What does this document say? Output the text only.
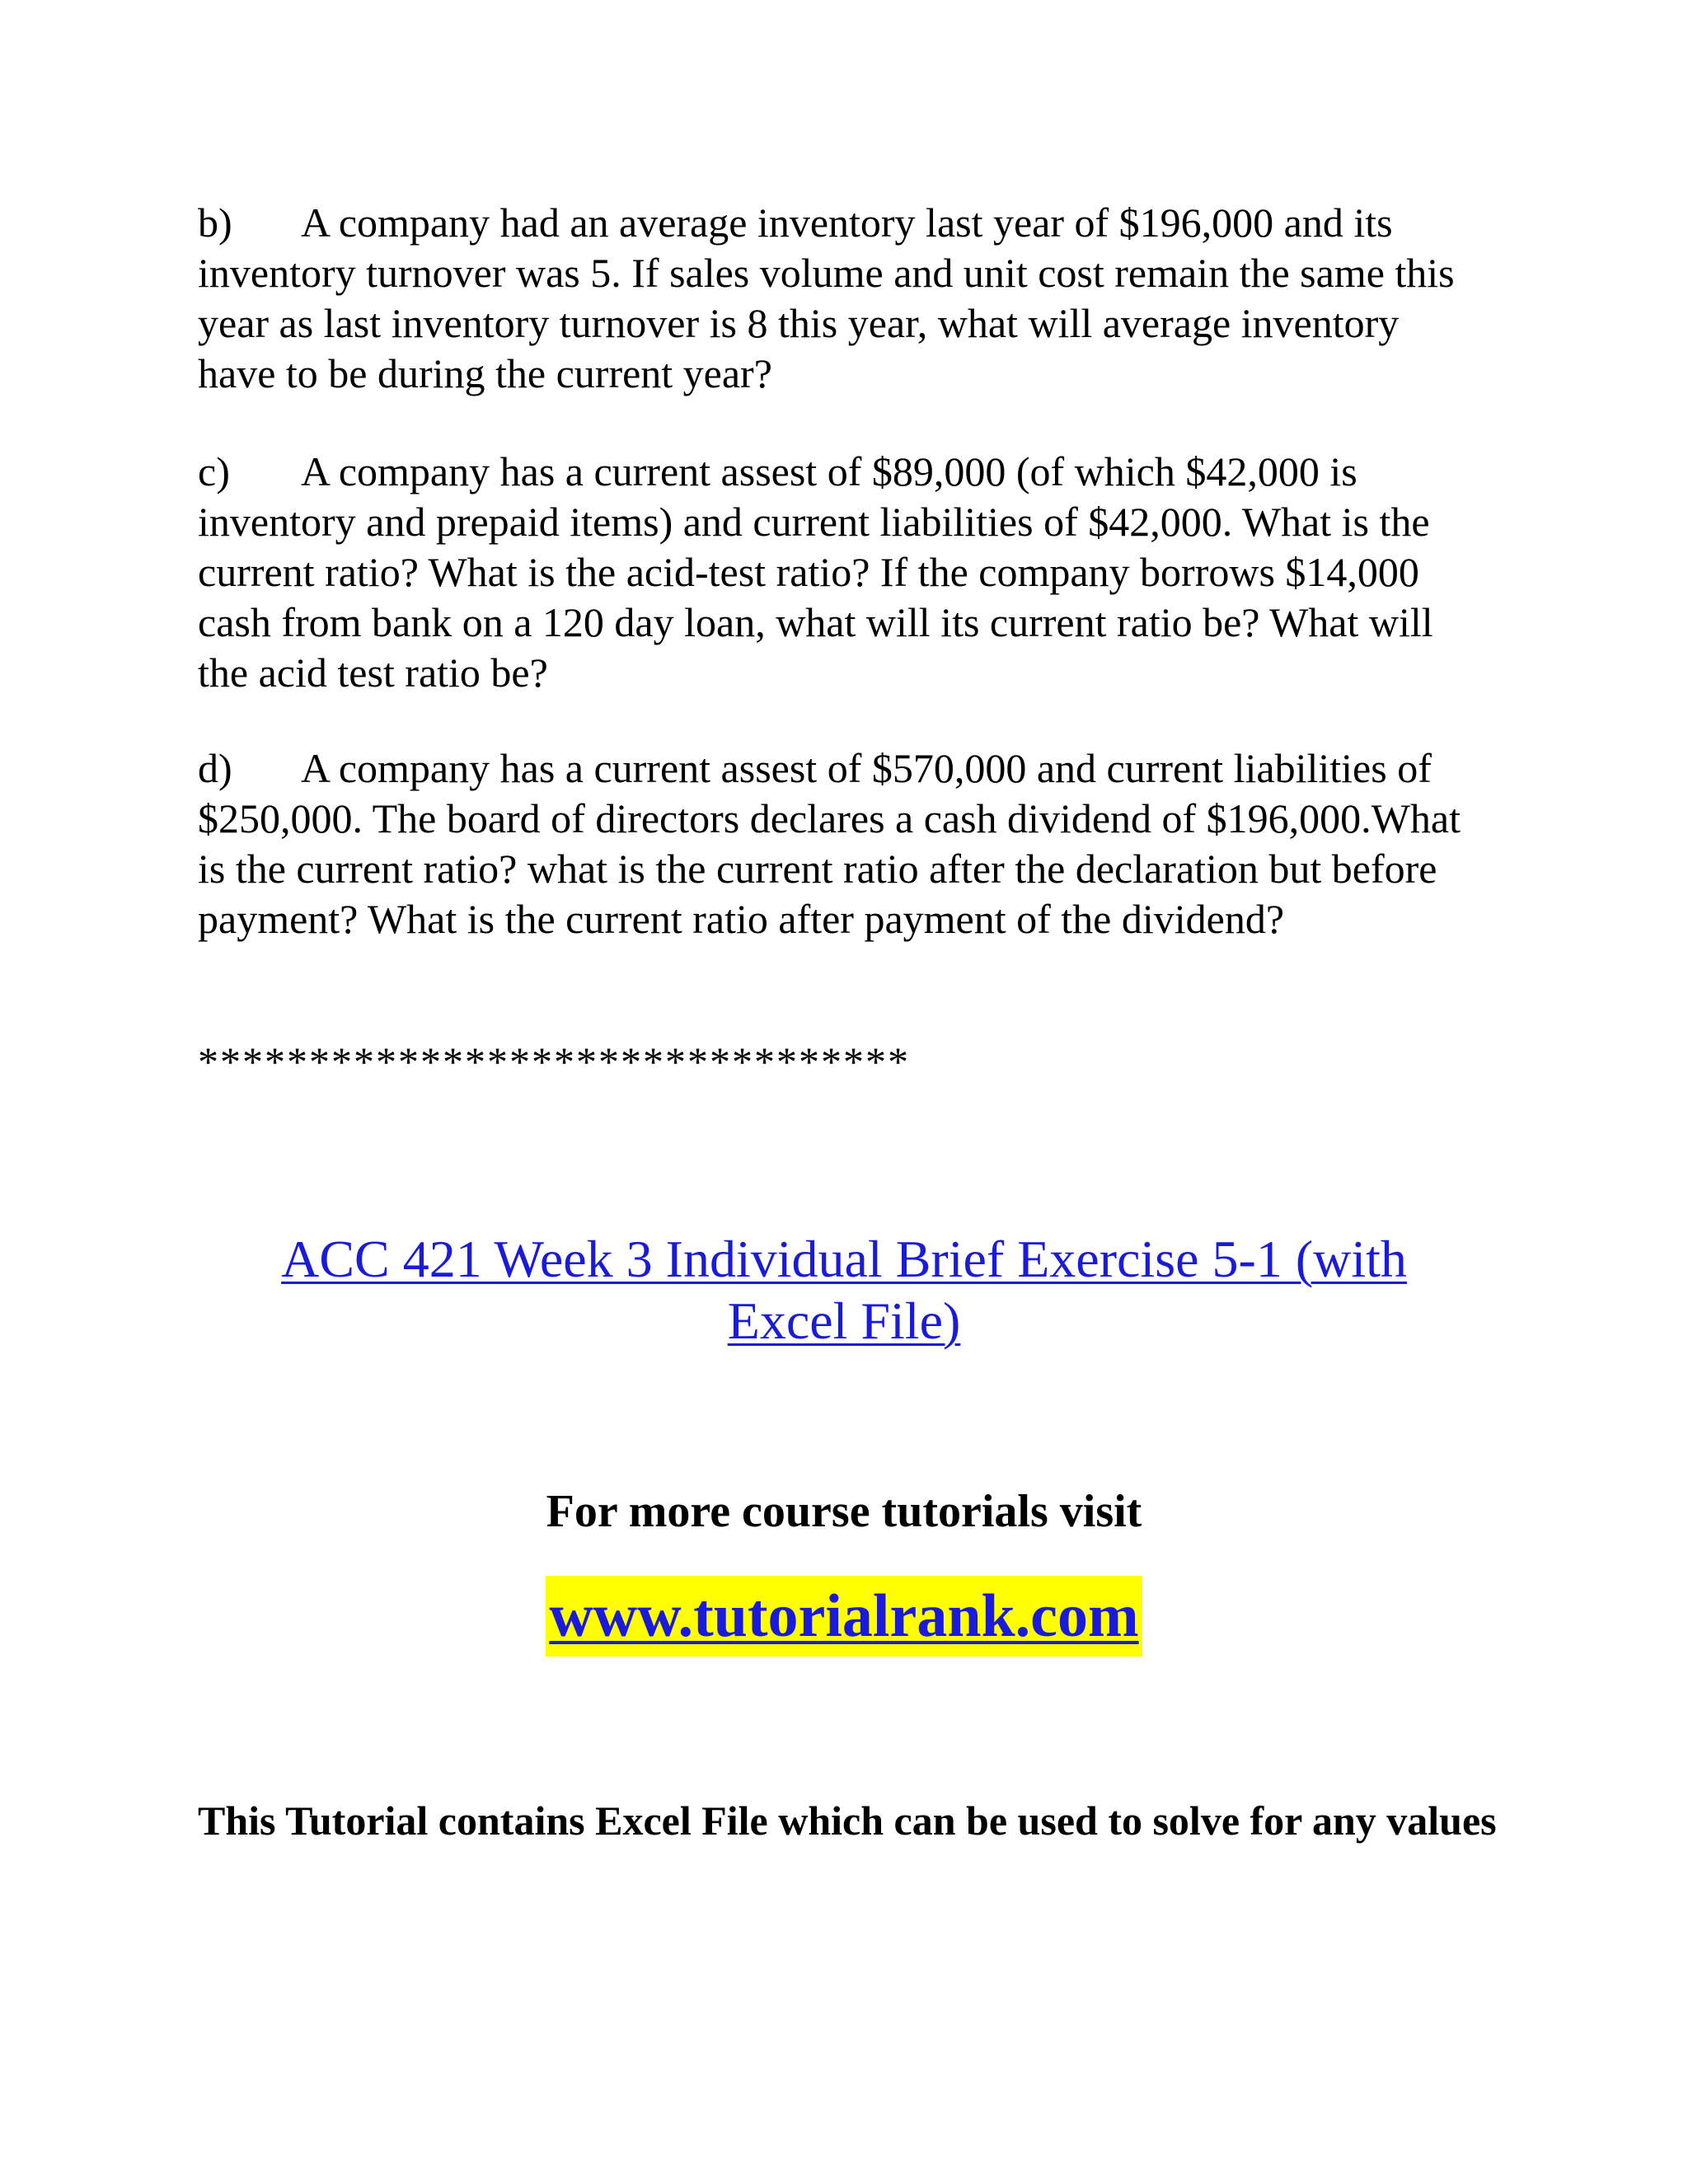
b) A company had an average inventory last year of $196,000 and its inventory turnover was 5. If sales volume and unit cost remain the same this year as last inventory turnover is 8 this year, what will average inventory have to be during the current year?
c) A company has a current assest of $89,000 (of which $42,000 is inventory and prepaid items) and current liabilities of $42,000. What is the current ratio? What is the acid-test ratio? If the company borrows $14,000 cash from bank on a 120 day loan, what will its current ratio be? What will the acid test ratio be?
d) A company has a current assest of $570,000 and current liabilities of $250,000. The board of directors declares a cash dividend of $196,000.What is the current ratio? what is the current ratio after the declaration but before payment? What is the current ratio after payment of the dividend?
********************************
ACC 421 Week 3 Individual Brief Exercise 5-1 (with
Excel File)
For more course tutorials visit
www.tutorialrank.com
This Tutorial contains Excel File which can be used to solve for any values
